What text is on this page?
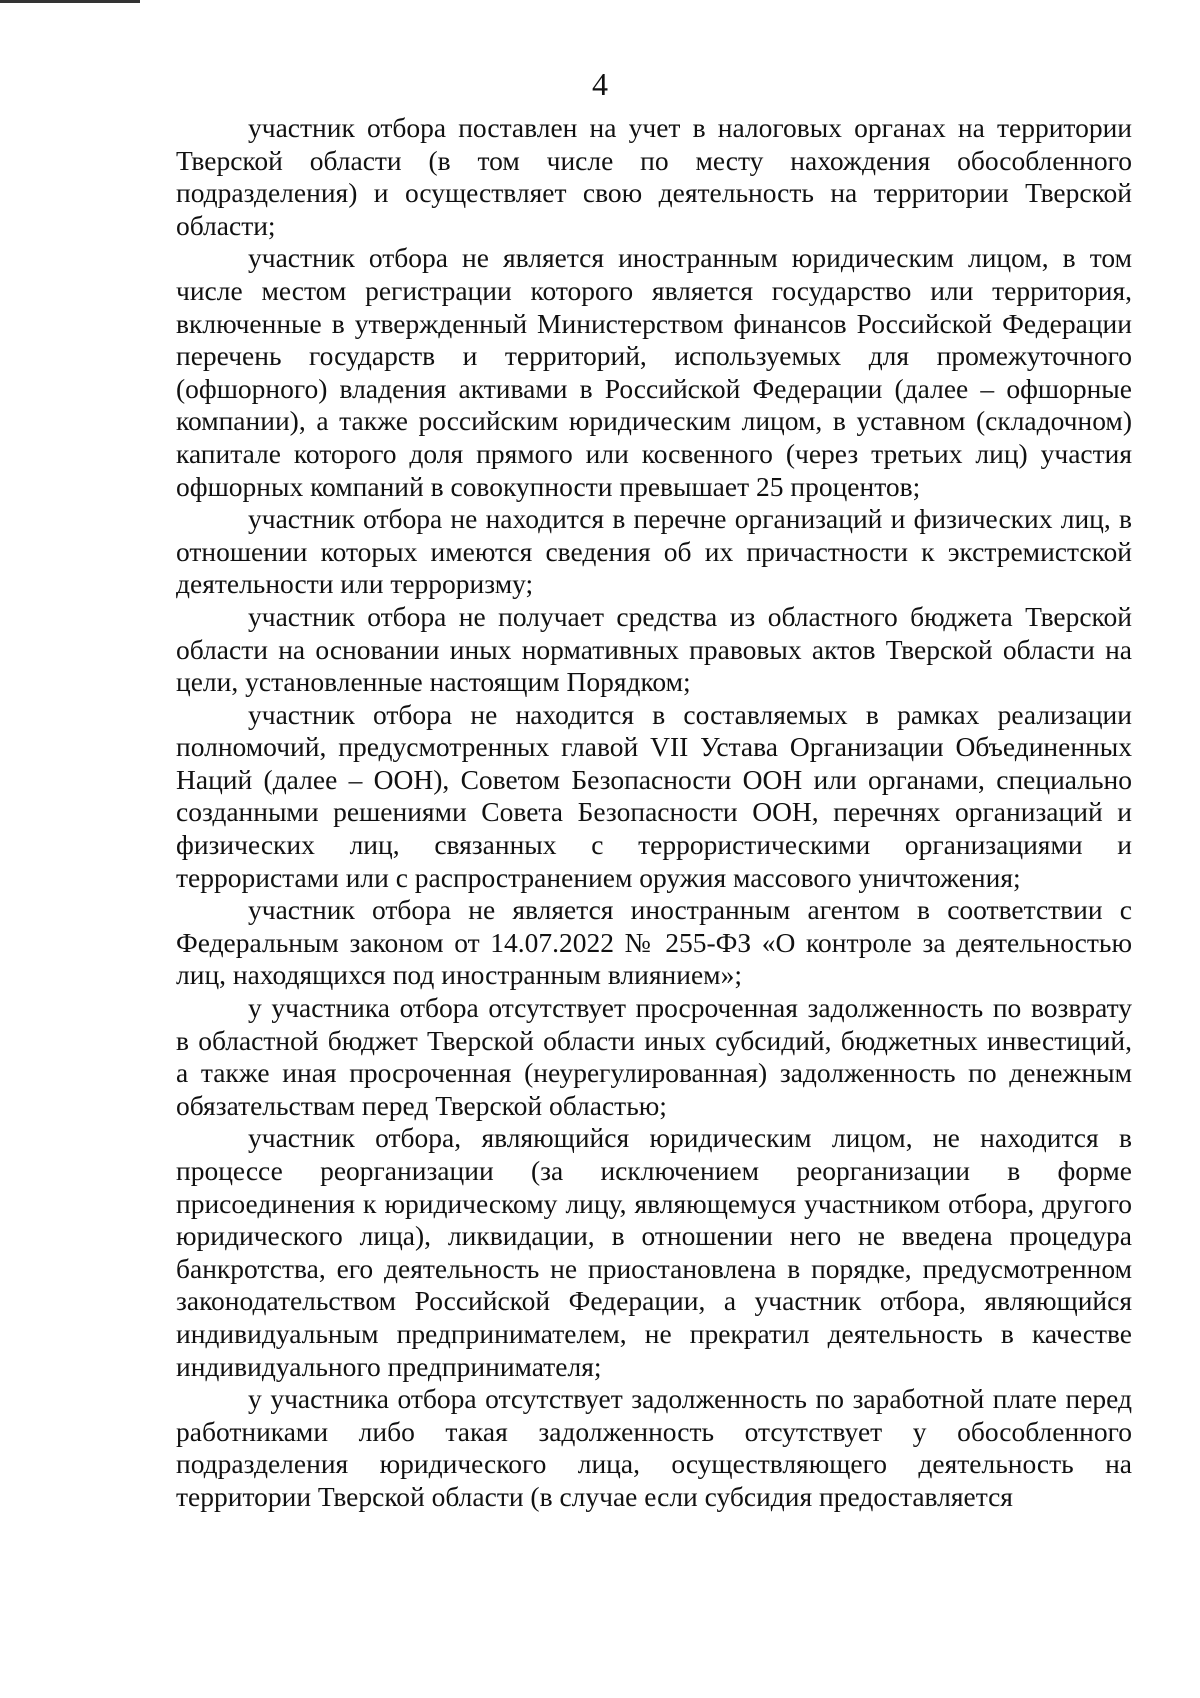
4

участник отбора поставлен на учет в налоговых органах на территории Тверской области (в том числе по месту нахождения обособленного подразделения) и осуществляет свою деятельность на территории Тверской области;

участник отбора не является иностранным юридическим лицом, в том числе местом регистрации которого является государство или территория, включенные в утвержденный Министерством финансов Российской Федерации перечень государств и территорий, используемых для промежуточного (офшорного) владения активами в Российской Федерации (далее – офшорные компании), а также российским юридическим лицом, в уставном (складочном) капитале которого доля прямого или косвенного (через третьих лиц) участия офшорных компаний в совокупности превышает 25 процентов;

участник отбора не находится в перечне организаций и физических лиц, в отношении которых имеются сведения об их причастности к экстремистской деятельности или терроризму;

участник отбора не получает средства из областного бюджета Тверской области на основании иных нормативных правовых актов Тверской области на цели, установленные настоящим Порядком;

участник отбора не находится в составляемых в рамках реализации полномочий, предусмотренных главой VII Устава Организации Объединенных Наций (далее – ООН), Советом Безопасности ООН или органами, специально созданными решениями Совета Безопасности ООН, перечнях организаций и физических лиц, связанных с террористическими организациями и террористами или с распространением оружия массового уничтожения;

участник отбора не является иностранным агентом в соответствии с Федеральным законом от 14.07.2022 № 255-ФЗ «О контроле за деятельностью лиц, находящихся под иностранным влиянием»;

у участника отбора отсутствует просроченная задолженность по возврату в областной бюджет Тверской области иных субсидий, бюджетных инвестиций, а также иная просроченная (неурегулированная) задолженность по денежным обязательствам перед Тверской областью;

участник отбора, являющийся юридическим лицом, не находится в процессе реорганизации (за исключением реорганизации в форме присоединения к юридическому лицу, являющемуся участником отбора, другого юридического лица), ликвидации, в отношении него не введена процедура банкротства, его деятельность не приостановлена в порядке, предусмотренном законодательством Российской Федерации, а участник отбора, являющийся индивидуальным предпринимателем, не прекратил деятельность в качестве индивидуального предпринимателя;

у участника отбора отсутствует задолженность по заработной плате перед работниками либо такая задолженность отсутствует у обособленного подразделения юридического лица, осуществляющего деятельность на территории Тверской области (в случае если субсидия предоставляется
